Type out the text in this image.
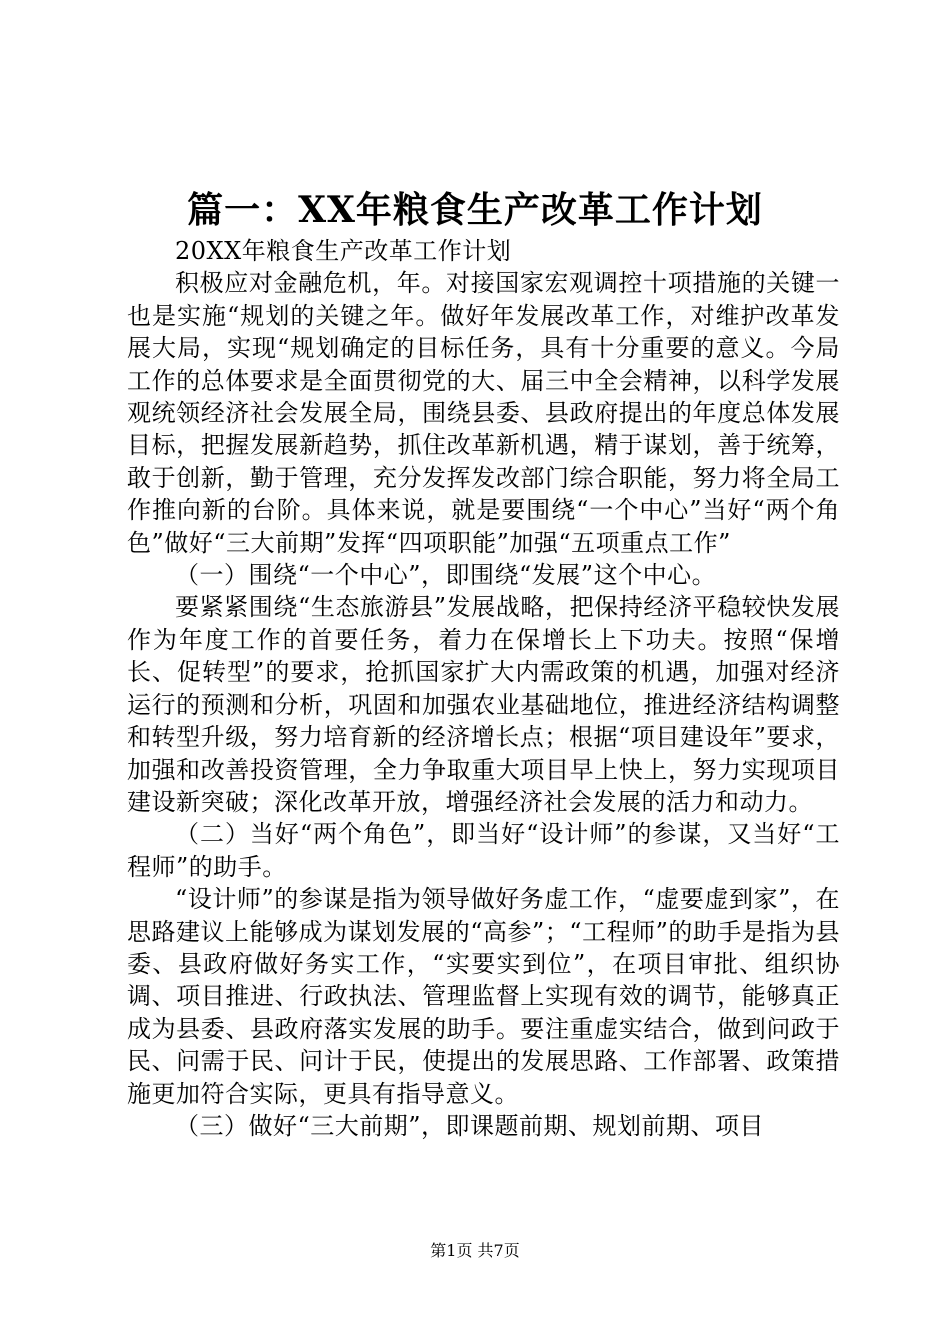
篇一：XX年粮食生产改革工作计划

20XX年粮食生产改革工作计划

积极应对金融危机，年。对接国家宏观调控十项措施的关键一也是实施“规划的关键之年。做好年发展改革工作，对维护改革发展大局，实现“规划确定的目标任务，具有十分重要的意义。今局工作的总体要求是全面贯彻党的大、届三中全会精神，以科学发展观统领经济社会发展全局，围绕县委、县政府提出的年度总体发展目标，把握发展新趋势，抓住改革新机遇，精于谋划，善于统筹，敢于创新，勤于管理，充分发挥发改部门综合职能，努力将全局工作推向新的台阶。具体来说，就是要围绕“一个中心”当好“两个角色”做好“三大前期”发挥“四项职能”加强“五项重点工作”

（一）围绕“一个中心”，即围绕“发展”这个中心。

要紧紧围绕“生态旅游县”发展战略，把保持经济平稳较快发展作为年度工作的首要任务，着力在保增长上下功夫。按照“保增长、促转型”的要求，抢抓国家扩大内需政策的机遇，加强对经济运行的预测和分析，巩固和加强农业基础地位，推进经济结构调整和转型升级，努力培育新的经济增长点；根据“项目建设年”要求，加强和改善投资管理，全力争取重大项目早上快上，努力实现项目建设新突破；深化改革开放，增强经济社会发展的活力和动力。

（二）当好“两个角色”，即当好“设计师”的参谋，又当好“工程师”的助手。

“设计师”的参谋是指为领导做好务虚工作，“虚要虚到家”，在思路建议上能够成为谋划发展的“高参”；“工程师”的助手是指为县委、县政府做好务实工作，“实要实到位”，在项目审批、组织协调、项目推进、行政执法、管理监督上实现有效的调节，能够真正成为县委、县政府落实发展的助手。要注重虚实结合，做到问政于民、问需于民、问计于民，使提出的发展思路、工作部署、政策措施更加符合实际，更具有指导意义。

（三）做好“三大前期”，即课题前期、规划前期、项目

第1页 共7页
